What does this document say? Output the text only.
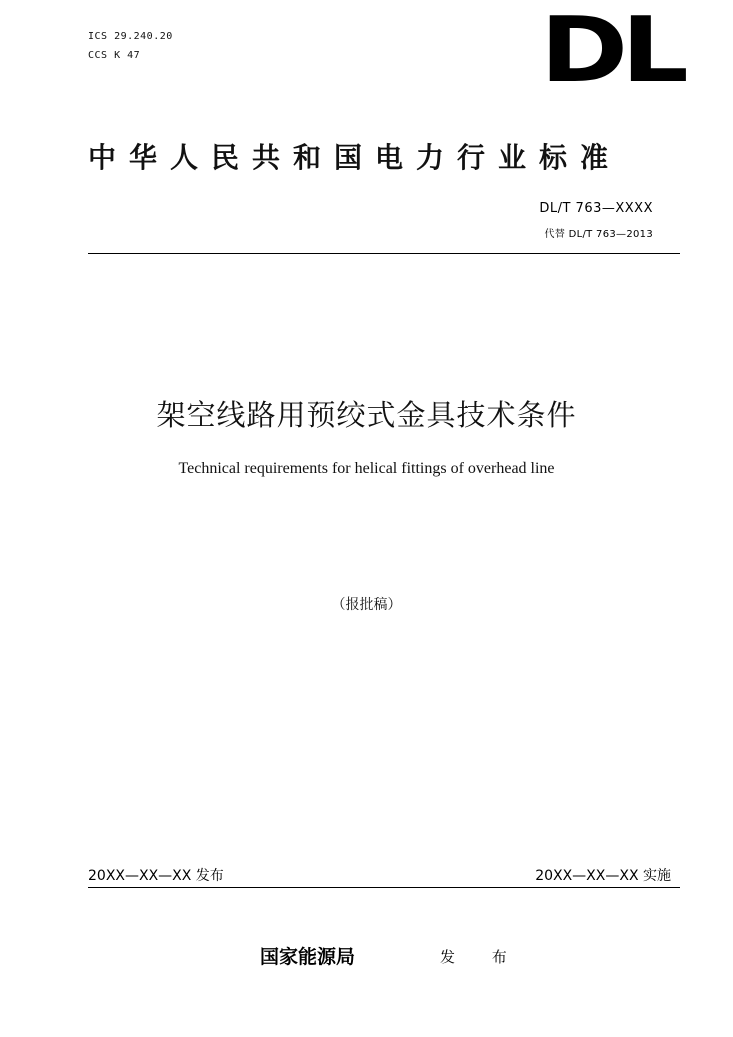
ICS 29.240.20
CCS K 47	DL
中华人民共和国电力行业标准
DL/T 763—XXXX
代替 DL/T 763—2013
架空线路用预绞式金具技术条件
Technical requirements for helical fittings of overhead line
（报批稿）
20XX—XX—XX 发布	20XX—XX—XX 实施
国家能源局	发 布
